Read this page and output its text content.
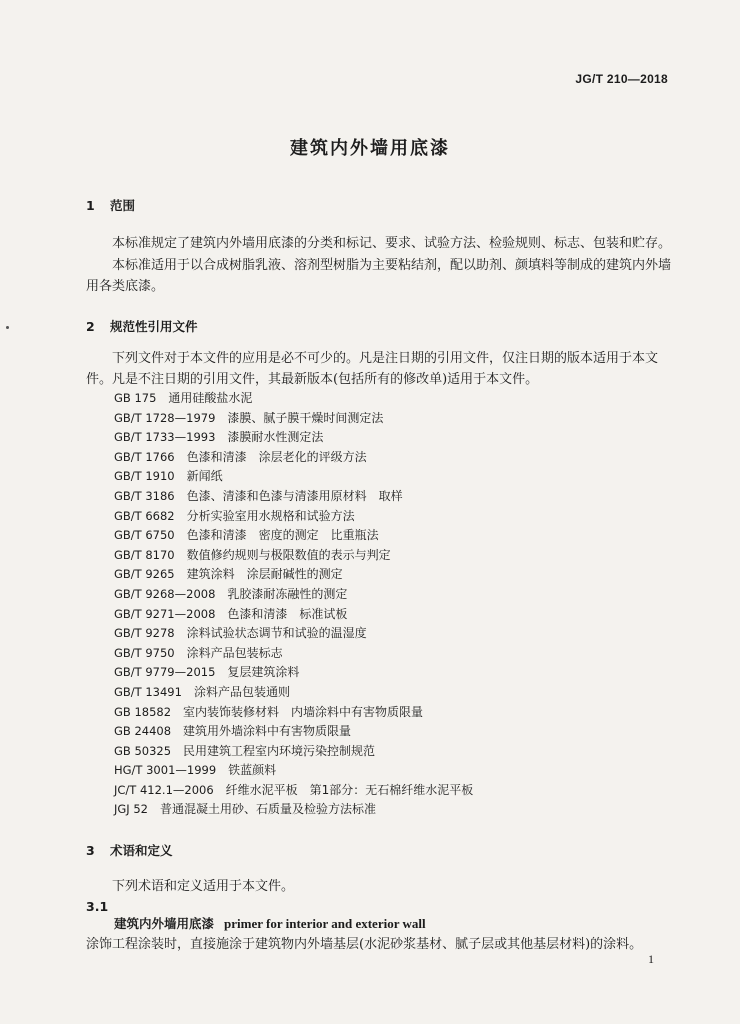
JG/T 210—2018
建筑内外墙用底漆
1 范围
本标准规定了建筑内外墙用底漆的分类和标记、要求、试验方法、检验规则、标志、包装和贮存。
本标准适用于以合成树脂乳液、溶剂型树脂为主要粘结剂，配以助剂、颜填料等制成的建筑内外墙用各类底漆。
2 规范性引用文件
下列文件对于本文件的应用是必不可少的。凡是注日期的引用文件，仅注日期的版本适用于本文件。凡是不注日期的引用文件，其最新版本(包括所有的修改单)适用于本文件。
GB 175 通用硅酸盐水泥
GB/T 1728—1979 漆膜、腻子膜干燥时间测定法
GB/T 1733—1993 漆膜耐水性测定法
GB/T 1766 色漆和清漆　涂层老化的评级方法
GB/T 1910 新闻纸
GB/T 3186 色漆、清漆和色漆与清漆用原材料　取样
GB/T 6682 分析实验室用水规格和试验方法
GB/T 6750 色漆和清漆　密度的测定　比重瓶法
GB/T 8170 数值修约规则与极限数值的表示与判定
GB/T 9265 建筑涂料　涂层耐碱性的测定
GB/T 9268—2008 乳胶漆耐冻融性的测定
GB/T 9271—2008 色漆和清漆　标准试板
GB/T 9278 涂料试验状态调节和试验的温湿度
GB/T 9750 涂料产品包装标志
GB/T 9779—2015 复层建筑涂料
GB/T 13491 涂料产品包装通则
GB 18582 室内装饰装修材料　内墙涂料中有害物质限量
GB 24408 建筑用外墙涂料中有害物质限量
GB 50325 民用建筑工程室内环境污染控制规范
HG/T 3001—1999 铁蓝颜料
JC/T 412.1—2006 纤维水泥平板　第1部分：无石棉纤维水泥平板
JGJ 52 普通混凝土用砂、石质量及检验方法标准
3 术语和定义
下列术语和定义适用于本文件。
3.1
建筑内外墙用底漆 primer for interior and exterior wall
涂饰工程涂装时，直接施涂于建筑物内外墙基层(水泥砂浆基材、腻子层或其他基层材料)的涂料。
1
